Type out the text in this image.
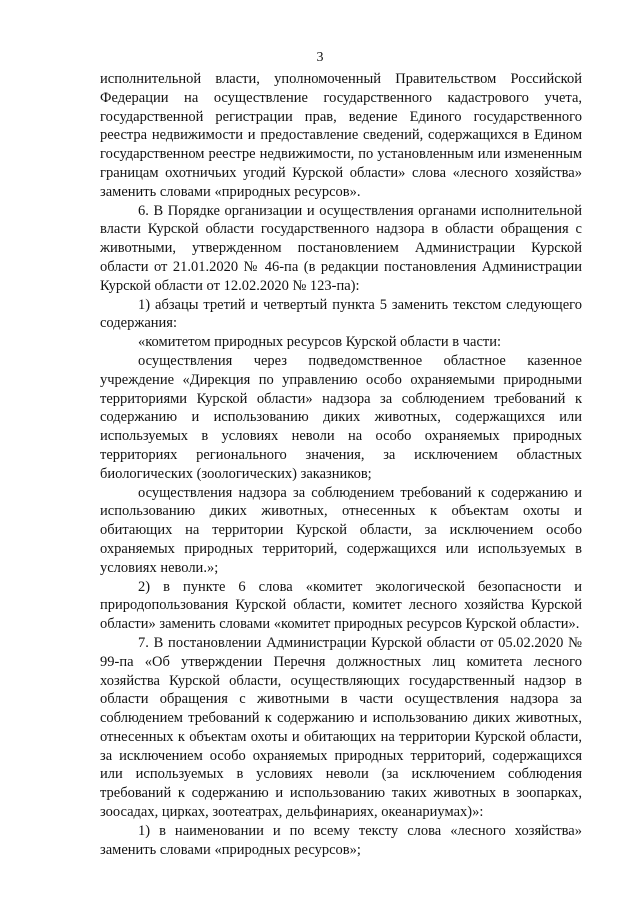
3

исполнительной власти, уполномоченный Правительством Российской Федерации на осуществление государственного кадастрового учета, государственной регистрации прав, ведение Единого государственного реестра недвижимости и предоставление сведений, содержащихся в Едином государственном реестре недвижимости, по установленным или измененным границам охотничьих угодий Курской области» слова «лесного хозяйства» заменить словами «природных ресурсов».

6. В Порядке организации и осуществления органами исполнительной власти Курской области государственного надзора в области обращения с животными, утвержденном постановлением Администрации Курской области от 21.01.2020 № 46-па (в редакции постановления Администрации Курской области от 12.02.2020 № 123-па):

1) абзацы третий и четвертый пункта 5 заменить текстом следующего содержания:

«комитетом природных ресурсов Курской области в части:

осуществления через подведомственное областное казенное учреждение «Дирекция по управлению особо охраняемыми природными территориями Курской области» надзора за соблюдением требований к содержанию и использованию диких животных, содержащихся или используемых в условиях неволи на особо охраняемых природных территориях регионального значения, за исключением областных биологических (зоологических) заказников;

осуществления надзора за соблюдением требований к содержанию и использованию диких животных, отнесенных к объектам охоты и обитающих на территории Курской области, за исключением особо охраняемых природных территорий, содержащихся или используемых в условиях неволи.»;

2) в пункте 6 слова «комитет экологической безопасности и природопользования Курской области, комитет лесного хозяйства Курской области» заменить словами «комитет природных ресурсов Курской области».

7. В постановлении Администрации Курской области от 05.02.2020 № 99-па «Об утверждении Перечня должностных лиц комитета лесного хозяйства Курской области, осуществляющих государственный надзор в области обращения с животными в части осуществления надзора за соблюдением требований к содержанию и использованию диких животных, отнесенных к объектам охоты и обитающих на территории Курской области, за исключением особо охраняемых природных территорий, содержащихся или используемых в условиях неволи (за исключением соблюдения требований к содержанию и использованию таких животных в зоопарках, зоосадах, цирках, зоотеатрах, дельфинариях, океанариумах)»:

1) в наименовании и по всему тексту слова «лесного хозяйства» заменить словами «природных ресурсов»;
